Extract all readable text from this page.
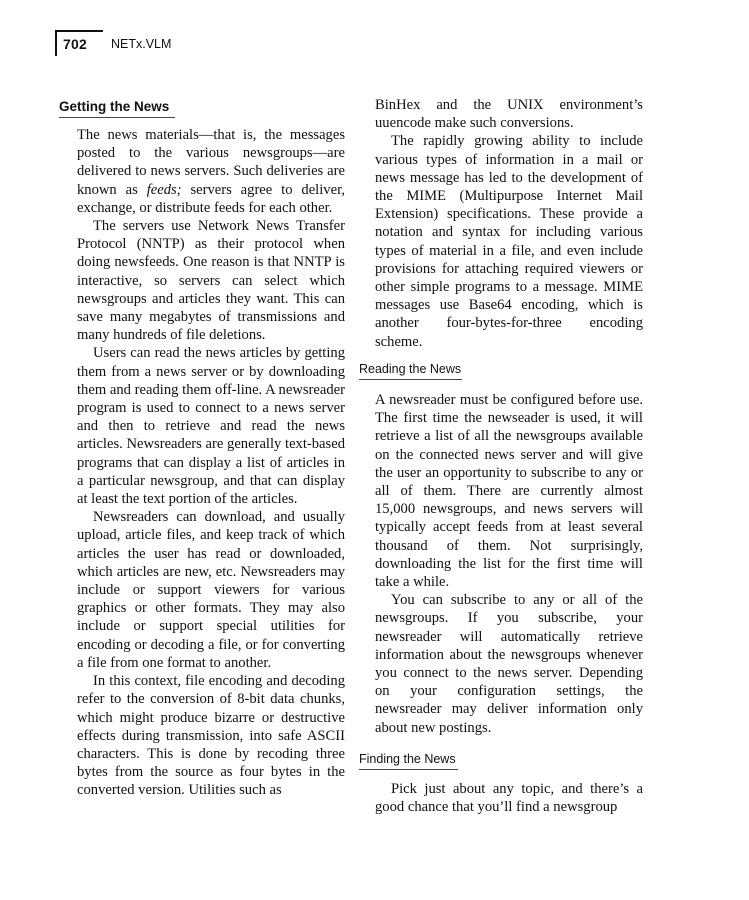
702 NETx.VLM
Getting the News

The news materials—that is, the messages posted to the various newsgroups—are delivered to news servers. Such deliveries are known as feeds; servers agree to deliver, exchange, or distribute feeds for each other.

The servers use Network News Transfer Protocol (NNTP) as their protocol when doing newsfeeds. One reason is that NNTP is interactive, so servers can select which newsgroups and articles they want. This can save many megabytes of transmissions and many hundreds of file deletions.

Users can read the news articles by getting them from a news server or by downloading them and reading them off-line. A newsreader program is used to connect to a news server and then to retrieve and read the news articles. Newsreaders are generally text-based programs that can display a list of articles in a particular newsgroup, and that can display at least the text portion of the articles.

Newsreaders can download, and usually upload, article files, and keep track of which articles the user has read or downloaded, which articles are new, etc. Newsreaders may include or support viewers for various graphics or other formats. They may also include or support special utilities for encoding or decoding a file, or for converting a file from one format to another.

In this context, file encoding and decoding refer to the conversion of 8-bit data chunks, which might produce bizarre or destructive effects during transmission, into safe ASCII characters. This is done by recoding three bytes from the source as four bytes in the converted version. Utilities such as

BinHex and the UNIX environment’s uuencode make such conversions.

The rapidly growing ability to include various types of information in a mail or news message has led to the development of the MIME (Multipurpose Internet Mail Extension) specifications. These provide a notation and syntax for including various types of material in a file, and even include provisions for attaching required viewers or other simple programs to a message. MIME messages use Base64 encoding, which is another four-bytes-for-three encoding scheme.

Reading the News

A newsreader must be configured before use. The first time the newseader is used, it will retrieve a list of all the newsgroups available on the connected news server and will give the user an opportunity to subscribe to any or all of them. There are currently almost 15,000 newsgroups, and news servers will typically accept feeds from at least several thousand of them. Not surprisingly, downloading the list for the first time will take a while.

You can subscribe to any or all of the newsgroups. If you subscribe, your newsreader will automatically retrieve information about the newsgroups whenever you connect to the news server. Depending on your configuration settings, the newsreader may deliver information only about new postings.

Finding the News

Pick just about any topic, and there’s a good chance that you’ll find a newsgroup
